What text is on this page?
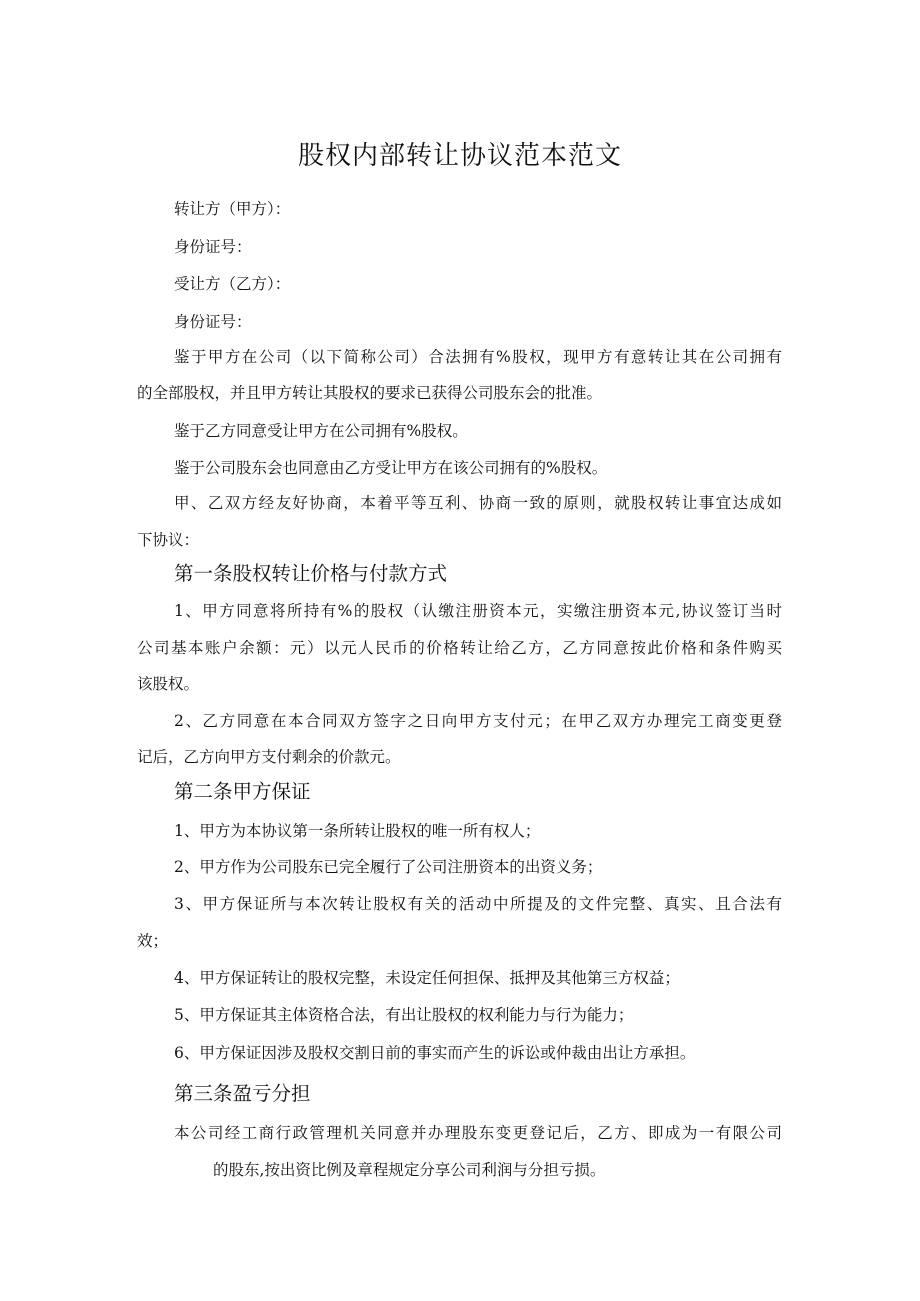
股权内部转让协议范本范文
转让方（甲方）：
身份证号：
受让方（乙方）：
身份证号：
鉴于甲方在公司（以下简称公司）合法拥有%股权，现甲方有意转让其在公司拥有
的全部股权，并且甲方转让其股权的要求已获得公司股东会的批准。
鉴于乙方同意受让甲方在公司拥有%股权。
鉴于公司股东会也同意由乙方受让甲方在该公司拥有的%股权。
甲、乙双方经友好协商，本着平等互利、协商一致的原则，就股权转让事宜达成如
下协议：
第一条股权转让价格与付款方式
1、甲方同意将所持有%的股权（认缴注册资本元，实缴注册资本元,协议签订当时
公司基本账户余额：元）以元人民币的价格转让给乙方，乙方同意按此价格和条件购买
该股权。
2、乙方同意在本合同双方签字之日向甲方支付元；在甲乙双方办理完工商变更登
记后，乙方向甲方支付剩余的价款元。
第二条甲方保证
1、甲方为本协议第一条所转让股权的唯一所有权人；
2、甲方作为公司股东已完全履行了公司注册资本的出资义务；
3、甲方保证所与本次转让股权有关的活动中所提及的文件完整、真实、且合法有
效；
4、甲方保证转让的股权完整，未设定任何担保、抵押及其他第三方权益；
5、甲方保证其主体资格合法，有出让股权的权利能力与行为能力；
6、甲方保证因涉及股权交割日前的事实而产生的诉讼或仲裁由出让方承担。
第三条盈亏分担
本公司经工商行政管理机关同意并办理股东变更登记后，乙方、即成为一有限公司
的股东,按出资比例及章程规定分享公司利润与分担亏损。
